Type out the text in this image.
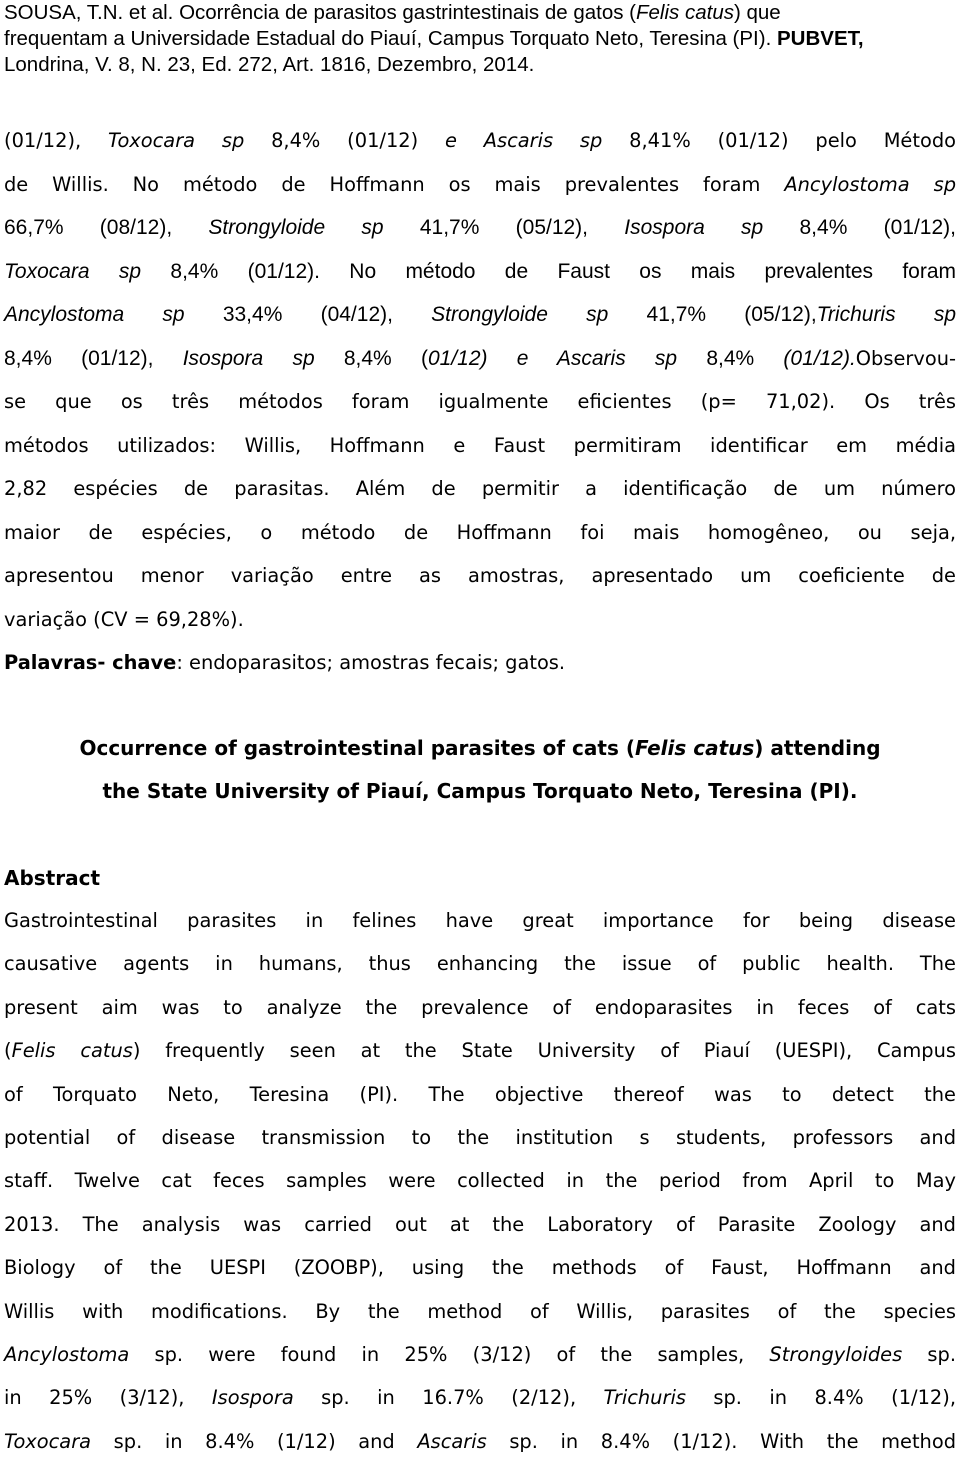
SOUSA, T.N. et al. Ocorrência de parasitos gastrintestinais de gatos (Felis catus) que
frequentam a Universidade Estadual do Piauí, Campus Torquato Neto, Teresina (PI). PUBVET,
Londrina, V. 8, N. 23, Ed. 272, Art. 1816, Dezembro, 2014.
(01/12), Toxocara sp 8,4% (01/12) e Ascaris sp 8,41% (01/12) pelo Método
de Willis. No método de Hoffmann os mais prevalentes foram Ancylostoma sp
66,7% (08/12), Strongyloide sp 41,7% (05/12), Isospora sp 8,4% (01/12),
Toxocara sp 8,4% (01/12). No método de Faust os mais prevalentes foram
Ancylostoma sp 33,4% (04/12), Strongyloide sp 41,7% (05/12),Trichuris sp
8,4% (01/12), Isospora sp 8,4% (01/12) e Ascaris sp 8,4% (01/12).Observou-
se que os três métodos foram igualmente eficientes (p= 71,02). Os três
métodos utilizados: Willis, Hoffmann e Faust permitiram identificar em média
2,82 espécies de parasitas. Além de permitir a identificação de um número
maior de espécies, o método de Hoffmann foi mais homogêneo, ou seja,
apresentou menor variação entre as amostras, apresentado um coeficiente de
variação (CV = 69,28%).
Palavras- chave: endoparasitos; amostras fecais; gatos.
Occurrence of gastrointestinal parasites of cats (Felis catus) attending
the State University of Piauí, Campus Torquato Neto, Teresina (PI).
Abstract
Gastrointestinal parasites in felines have great importance for being disease
causative agents in humans, thus enhancing the issue of public health. The
present aim was to analyze the prevalence of endoparasites in feces of cats
(Felis catus) frequently seen at the State University of Piauí (UESPI), Campus
of Torquato Neto, Teresina (PI). The objective thereof was to detect the
potential of disease transmission to the institution s students, professors and
staff. Twelve cat feces samples were collected in the period from April to May
2013. The analysis was carried out at the Laboratory of Parasite Zoology and
Biology of the UESPI (ZOOBP), using the methods of Faust, Hoffmann and
Willis with modifications. By the method of Willis, parasites of the species
Ancylostoma sp. were found in 25% (3/12) of the samples, Strongyloides sp.
in 25% (3/12), Isospora sp. in 16.7% (2/12), Trichuris sp. in 8.4% (1/12),
Toxocara sp. in 8.4% (1/12) and Ascaris sp. in 8.4% (1/12). With the method
